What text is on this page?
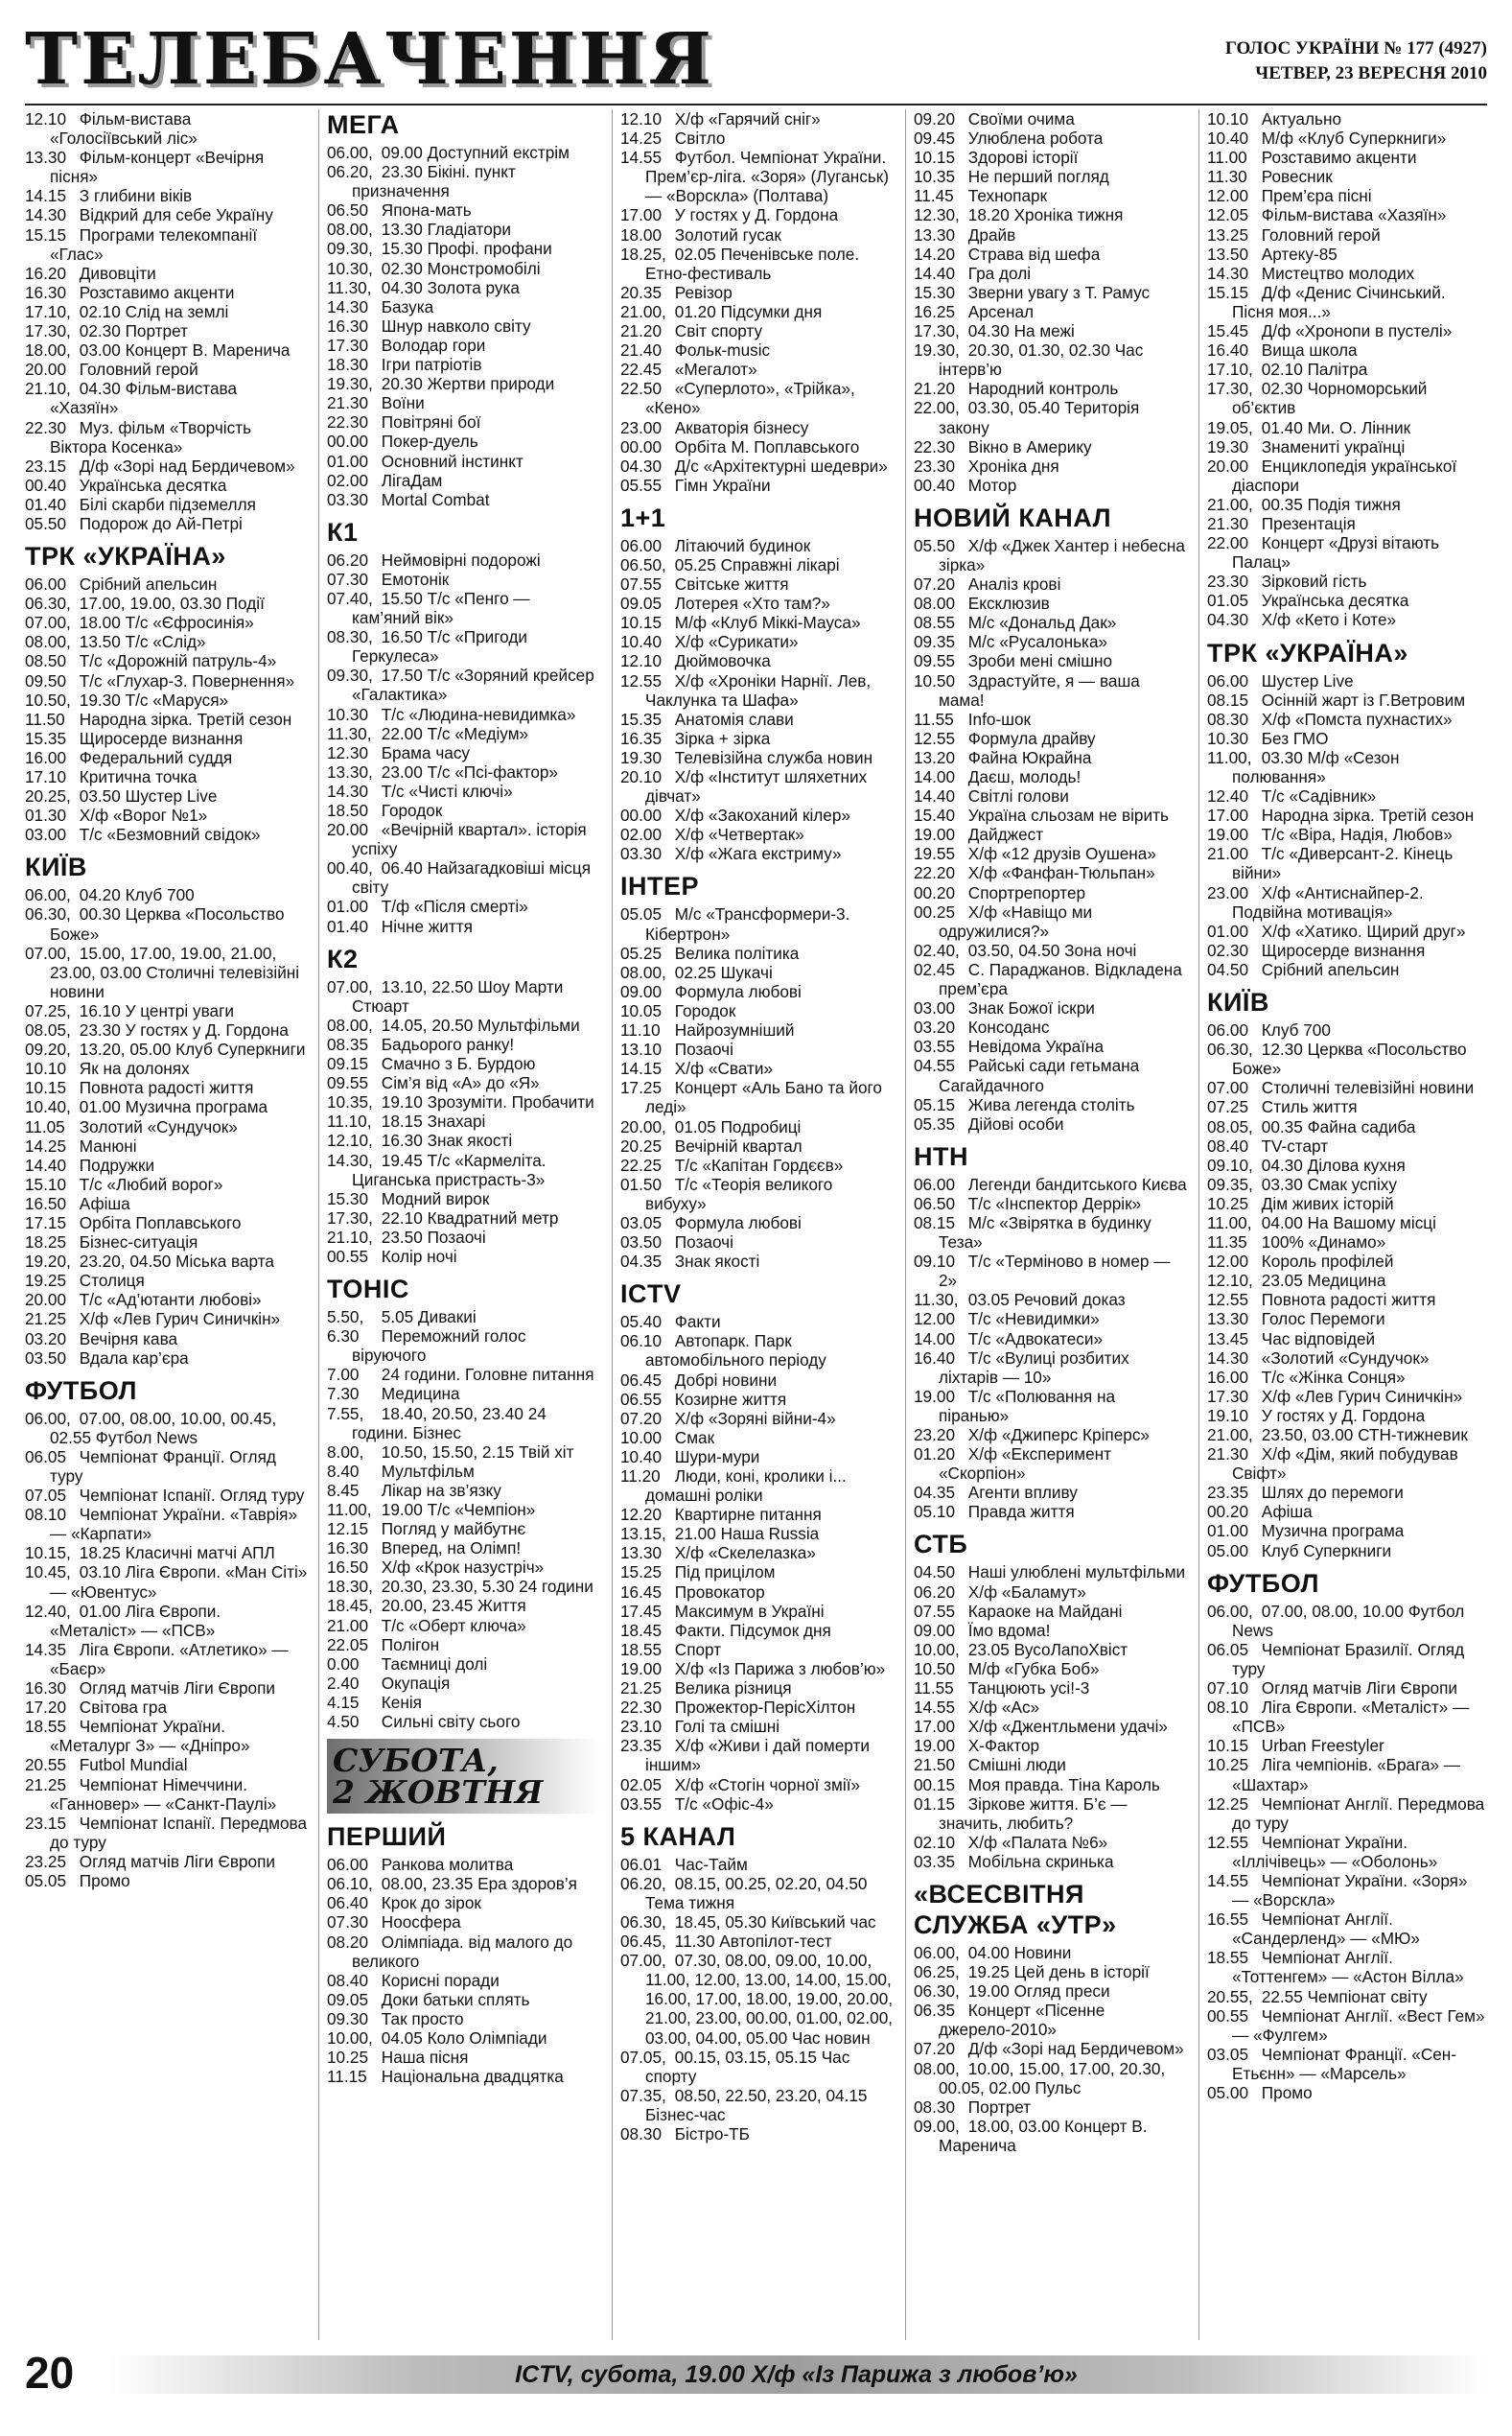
ТЕЛЕБАЧЕННЯ	ГОЛОС УКРАЇНИ № 177 (4927)
ЧЕТВЕР, 23 ВЕРЕСНЯ 2010
12.10 Фільм-вистава «Голосіївський ліс»
13.30 Фільм-концерт «Вечірня пісня»
14.15 З глибини віків
14.30 Відкрий для себе Україну
15.15 Програми телекомпанії «Глас»
16.20 Дивовціти
16.30 Розставимо акценти
17.10, 02.10 Слід на землі
17.30, 02.30 Портрет
18.00, 03.00 Концерт В. Маренича
20.00 Головний герой
21.10, 04.30 Фільм-вистава «Хазяїн»
22.30 Муз. фільм «Творчість Віктора Косенка»
23.15 Д/ф «Зорі над Бердичевом»
00.40 Українська десятка
01.40 Білі скарби підземелля
05.50 Подорож до Ай-Петрі
ТРК «УКРАЇНА»
06.00 Срібний апельсин
06.30, 17.00, 19.00, 03.30 Події
07.00, 18.00 Т/с «Єфросинія»
08.00, 13.50 Т/с «Слід»
08.50 Т/с «Дорожній патруль-4»
09.50 Т/с «Глухар-3. Повернення»
10.50, 19.30 Т/с «Маруся»
11.50 Народна зірка. Третій сезон
15.35 Щиросерде визнання
16.00 Федеральний суддя
17.10 Критична точка
20.25, 03.50 Шустер Live
01.30 Х/ф «Ворог №1»
03.00 Т/с «Безмовний свідок»
КИЇВ
06.00, 04.20 Клуб 700
06.30, 00.30 Церква «Посольство Боже»
07.00, 15.00, 17.00, 19.00, 21.00, 23.00, 03.00 Столичні телевізійні новини
07.25, 16.10 У центрі уваги
08.05, 23.30 У гостях у Д. Гордона
09.20, 13.20, 05.00 Клуб Суперкниги
10.10 Як на долонях
10.15 Повнота радості життя
10.40, 01.00 Музична програма
11.05 Золотий «Сундучок»
14.25 Манюні
14.40 Подружки
15.10 Т/с «Любий ворог»
16.50 Афіша
17.15 Орбіта Поплавського
18.25 Бізнес-ситуація
19.20, 23.20, 04.50 Міська варта
19.25 Столиця
20.00 Т/с «Ад’ютанти любові»
21.25 Х/ф «Лев Гурич Синичкін»
03.20 Вечірня кава
03.50 Вдала кар’єра
ФУТБОЛ
06.00, 07.00, 08.00, 10.00, 00.45, 02.55 Футбол News
06.05 Чемпіонат Франції. Огляд туру
07.05 Чемпіонат Іспанії. Огляд туру
08.10 Чемпіонат України. «Таврія» — «Карпати»
10.15, 18.25 Класичні матчі АПЛ
10.45, 03.10 Ліга Європи. «Ман Сіті» — «Ювентус»
12.40, 01.00 Ліга Європи. «Металіст» — «ПСВ»
14.35 Ліга Європи. «Атлетико» — «Баєр»
16.30 Огляд матчів Ліги Європи
17.20 Світова гра
18.55 Чемпіонат України. «Металург З» — «Дніпро»
20.55 Futbol Mundial
21.25 Чемпіонат Німеччини. «Ганновер» — «Санкт-Паулі»
23.15 Чемпіонат Іспанії. Передмова до туру
23.25 Огляд матчів Ліги Європи
05.05 Промо
МЕГА
06.00, 09.00 Доступний екстрім
06.20, 23.30 Бікіні. пункт призначення
06.50 Япона-мать
08.00, 13.30 Гладіатори
09.30, 15.30 Профі. профани
10.30, 02.30 Монстромобілі
11.30, 04.30 Золота рука
14.30 Базука
16.30 Шнур навколо світу
17.30 Володар гори
18.30 Ігри патріотів
19.30, 20.30 Жертви природи
21.30 Воїни
22.30 Повітряні бої
00.00 Покер-дуель
01.00 Основний інстинкт
02.00 ЛігаДам
03.30 Mortal Combat
К1
06.20 Неймовірні подорожі
07.30 Емотонік
07.40, 15.50 Т/с «Пенго — кам’яний вік»
08.30, 16.50 Т/с «Пригоди Геркулеса»
09.30, 17.50 Т/с «Зоряний крейсер «Галактика»
10.30 Т/с «Людина-невидимка»
11.30, 22.00 Т/с «Медіум»
12.30 Брама часу
13.30, 23.00 Т/с «Псі-фактор»
14.30 Т/с «Чисті ключі»
18.50 Городок
20.00 «Вечірній квартал». історія успіху
00.40, 06.40 Найзагадковіші місця світу
01.00 Т/ф «Після смерті»
01.40 Нічне життя
К2
07.00, 13.10, 22.50 Шоу Марти Стюарт
08.00, 14.05, 20.50 Мультфільми
08.35 Бадьорого ранку!
09.15 Смачно з Б. Бурдою
09.55 Сім’я від «А» до «Я»
10.35, 19.10 Зрозуміти. Пробачити
11.10, 18.15 Знахарі
12.10, 16.30 Знак якості
14.30, 19.45 Т/с «Кармеліта. Циганська пристрасть-3»
15.30 Модний вирок
17.30, 22.10 Квадратний метр
21.10, 23.50 Позаочі
00.55 Колір ночі
ТОНІС
5.50, 5.05 Дивакиі
6.30 Переможний голос віруючого
7.00 24 години. Головне питання
7.30 Медицина
7.55, 18.40, 20.50, 23.40 24 години. Бізнес
8.00, 10.50, 15.50, 2.15 Твій хіт
8.40 Мультфільм
8.45 Лікар на зв’язку
11.00, 19.00 Т/с «Чемпіон»
12.15 Погляд у майбутнє
16.30 Вперед, на Олімп!
16.50 Х/ф «Крок назустріч»
18.30, 20.30, 23.30, 5.30 24 години
18.45, 20.00, 23.45 Життя
21.00 Т/с «Оберт ключа»
22.05 Полігон
0.00 Таємниці долі
2.40 Окупація
4.15 Кенія
4.50 Сильні світу сього
СУБОТА,
2 ЖОВТНЯ
ПЕРШИЙ
06.00 Ранкова молитва
06.10, 08.00, 23.35 Ера здоров’я
06.40 Крок до зірок
07.30 Ноосфера
08.20 Олімпіада. від малого до великого
08.40 Корисні поради
09.05 Доки батьки сплять
09.30 Так просто
10.00, 04.05 Коло Олімпіади
10.25 Наша пісня
11.15 Національна двадцятка
12.10 Х/ф «Гарячий сніг»
14.25 Світло
14.55 Футбол. Чемпіонат України. Прем’єр-ліга. «Зоря» (Луганськ) — «Ворскла» (Полтава)
17.00 У гостях у Д. Гордона
18.00 Золотий гусак
18.25, 02.05 Печенівське поле. Етно-фестиваль
20.35 Ревізор
21.00, 01.20 Підсумки дня
21.20 Світ спорту
21.40 Фольк-music
22.45 «Мегалот»
22.50 «Суперлото», «Трійка», «Кено»
23.00 Акваторія бізнесу
00.00 Орбіта М. Поплавського
04.30 Д/с «Архітектурні шедеври»
05.55 Гімн України
1+1
06.00 Літаючий будинок
06.50, 05.25 Справжні лікарі
07.55 Світське життя
09.05 Лотерея «Хто там?»
10.15 М/ф «Клуб Міккі-Мауса»
10.40 Х/ф «Сурикати»
12.10 Дюймовочка
12.55 Х/ф «Хроніки Нарнії. Лев, Чаклунка та Шафа»
15.35 Анатомія слави
16.35 Зірка + зірка
19.30 Телевізійна служба новин
20.10 Х/ф «Інститут шляхетних дівчат»
00.00 Х/ф «Закоханий кілер»
02.00 Х/ф «Четвертак»
03.30 Х/ф «Жага екстриму»
ІНТЕР
05.05 М/с «Трансформери-3. Кібертрон»
05.25 Велика політика
08.00, 02.25 Шукачі
09.00 Формула любові
10.05 Городок
11.10 Найрозумніший
13.10 Позаочі
14.15 Х/ф «Свати»
17.25 Концерт «Аль Бано та його леді»
20.00, 01.05 Подробиці
20.25 Вечірній квартал
22.25 Т/с «Капітан Гордєєв»
01.50 Т/с «Теорія великого вибуху»
03.05 Формула любові
03.50 Позаочі
04.35 Знак якості
ICTV
05.40 Факти
06.10 Автопарк. Парк автомобільного періоду
06.45 Добрі новини
06.55 Козирне життя
07.20 Х/ф «Зоряні війни-4»
10.00 Смак
10.40 Шури-мури
11.20 Люди, коні, кролики і... домашні роліки
12.20 Квартирне питання
13.15, 21.00 Наша Russia
13.30 Х/ф «Скелелазка»
15.25 Під прицілом
16.45 Провокатор
17.45 Максимум в Україні
18.45 Факти. Підсумок дня
18.55 Спорт
19.00 Х/ф «Із Парижа з любов’ю»
21.25 Велика різниця
22.30 Прожектор-ПерісХілтон
23.10 Голі та смішні
23.35 Х/ф «Живи і дай померти іншим»
02.05 Х/ф «Стогін чорної змії»
03.55 Т/с «Офіс-4»
5 КАНАЛ
06.01 Час-Тайм
06.20, 08.15, 00.25, 02.20, 04.50 Тема тижня
06.30, 18.45, 05.30 Київський час
06.45, 11.30 Автопілот-тест
07.00, 07.30, 08.00, 09.00, 10.00, 11.00, 12.00, 13.00, 14.00, 15.00, 16.00, 17.00, 18.00, 19.00, 20.00, 21.00, 23.00, 00.00, 01.00, 02.00, 03.00, 04.00, 05.00 Час новин
07.05, 00.15, 03.15, 05.15 Час спорту
07.35, 08.50, 22.50, 23.20, 04.15 Бізнес-час
08.30 Бістро-ТБ
09.20 Своїми очима
09.45 Улюблена робота
10.15 Здорові історії
10.35 Не перший погляд
11.45 Технопарк
12.30, 18.20 Хроніка тижня
13.30 Драйв
14.20 Страва від шефа
14.40 Гра долі
15.30 Зверни увагу з Т. Рамус
16.25 Арсенал
17.30, 04.30 На межі
19.30, 20.30, 01.30, 02.30 Час інтерв’ю
21.20 Народний контроль
22.00, 03.30, 05.40 Територія закону
22.30 Вікно в Америку
23.30 Хроніка дня
00.40 Мотор
НОВИЙ КАНАЛ
05.50 Х/ф «Джек Хантер і небесна зірка»
07.20 Аналіз крові
08.00 Ексклюзив
08.55 М/с «Дональд Дак»
09.35 М/с «Русалонька»
09.55 Зроби мені смішно
10.50 Здрастуйте, я — ваша мама!
11.55 Info-шок
12.55 Формула драйву
13.20 Файна Юкрайна
14.00 Даєш, молодь!
14.40 Світлі голови
15.40 Україна сльозам не вірить
19.00 Дайджест
19.55 Х/ф «12 друзів Оушена»
22.20 Х/ф «Фанфан-Тюльпан»
00.20 Спортрепортер
00.25 Х/ф «Навіщо ми одружилися?»
02.40, 03.50, 04.50 Зона ночі
02.45 С. Параджанов. Відкладена прем’єра
03.00 Знак Божої іскри
03.20 Консоданс
03.55 Невідома Україна
04.55 Райські сади гетьмана Сагайдачного
05.15 Жива легенда століть
05.35 Дійові особи
НТН
06.00 Легенди бандитського Києва
06.50 Т/с «Інспектор Деррік»
08.15 М/с «Звірятка в будинку Теза»
09.10 Т/с «Терміново в номер — 2»
11.30, 03.05 Речовий доказ
12.00 Т/с «Невидимки»
14.00 Т/с «Адвокатеси»
16.40 Т/с «Вулиці розбитих ліхтарів — 10»
19.00 Т/с «Полювання на піранью»
23.20 Х/ф «Джиперс Кріперс»
01.20 Х/ф «Експеримент «Скорпіон»
04.35 Агенти впливу
05.10 Правда життя
СТБ
04.50 Наші улюблені мультфільми
06.20 Х/ф «Баламут»
07.55 Караоке на Майдані
09.00 Їмо вдома!
10.00, 23.05 ВусоЛапоХвіст
10.50 М/ф «Губка Боб»
11.55 Танцюють усі!-3
14.55 Х/ф «Ас»
17.00 Х/ф «Джентльмени удачі»
19.00 Х-Фактор
21.50 Смішні люди
00.15 Моя правда. Тіна Кароль
01.15 Зіркове життя. Б’є — значить, любить?
02.10 Х/ф «Палата №6»
03.35 Мобільна скринька
«ВСЕСВІТНЯ СЛУЖБА «УТР»
06.00, 04.00 Новини
06.25, 19.25 Цей день в історії
06.30, 19.00 Огляд преси
06.35 Концерт «Пісенне джерело-2010»
07.20 Д/ф «Зорі над Бердичевом»
08.00, 10.00, 15.00, 17.00, 20.30, 00.05, 02.00 Пульс
08.30 Портрет
09.00, 18.00, 03.00 Концерт В. Маренича
10.10 Актуально
10.40 М/ф «Клуб Суперкниги»
11.00 Розставимо акценти
11.30 Ровесник
12.00 Прем’єра пісні
12.05 Фільм-вистава «Хазяїн»
13.25 Головний герой
13.50 Артеку-85
14.30 Мистецтво молодих
15.15 Д/ф «Денис Січинський. Пісня моя...»
15.45 Д/ф «Хронопи в пустелі»
16.40 Вища школа
17.10, 02.10 Палітра
17.30, 02.30 Чорноморський об’єктив
19.05, 01.40 Ми. О. Лінник
19.30 Знамениті українці
20.00 Енциклопедія української діаспори
21.00, 00.35 Подія тижня
21.30 Презентація
22.00 Концерт «Друзі вітають Палац»
23.30 Зірковий гість
01.05 Українська десятка
04.30 Х/ф «Кето і Коте»
ТРК «УКРАЇНА»
06.00 Шустер Live
08.15 Осінній жарт із Г.Ветровим
08.30 Х/ф «Помста пухнастих»
10.30 Без ГМО
11.00, 03.30 М/ф «Сезон полювання»
12.40 Т/с «Садівник»
17.00 Народна зірка. Третій сезон
19.00 Т/с «Віра, Надія, Любов»
21.00 Т/с «Диверсант-2. Кінець війни»
23.00 Х/ф «Антиснайпер-2. Подвійна мотивація»
01.00 Х/ф «Хатико. Щирий друг»
02.30 Щиросерде визнання
04.50 Срібний апельсин
КИЇВ
06.00 Клуб 700
06.30, 12.30 Церква «Посольство Боже»
07.00 Столичні телевізійні новини
07.25 Стиль життя
08.05, 00.35 Файна садиба
08.40 TV-старт
09.10, 04.30 Ділова кухня
09.35, 03.30 Смак успіху
10.25 Дім живих історій
11.00, 04.00 На Вашому місці
11.35 100% «Динамо»
12.00 Король профілей
12.10, 23.05 Медицина
12.55 Повнота радості життя
13.30 Голос Перемоги
13.45 Час відповідей
14.30 «Золотий «Сундучок»
16.00 Т/с «Жінка Сонця»
17.30 Х/ф «Лев Гурич Синичкін»
19.10 У гостях у Д. Гордона
21.00, 23.50, 03.00 СТН-тижневик
21.30 Х/ф «Дім, який побудував Свіфт»
23.35 Шлях до перемоги
00.20 Афіша
01.00 Музична програма
05.00 Клуб Суперкниги
ФУТБОЛ
06.00, 07.00, 08.00, 10.00 Футбол News
06.05 Чемпіонат Бразилії. Огляд туру
07.10 Огляд матчів Ліги Європи
08.10 Ліга Європи. «Металіст» — «ПСВ»
10.15 Urban Freestyler
10.25 Ліга чемпіонів. «Брага» — «Шахтар»
12.25 Чемпіонат Англії. Передмова до туру
12.55 Чемпіонат України. «Іллічівець» — «Оболонь»
14.55 Чемпіонат України. «Зоря» — «Ворскла»
16.55 Чемпіонат Англії. «Сандерленд» — «МЮ»
18.55 Чемпіонат Англії. «Тоттенгем» — «Астон Вілла»
20.55, 22.55 Чемпіонат світу
00.55 Чемпіонат Англії. «Вест Гем» — «Фулгем»
03.05 Чемпіонат Франції. «Сен-Етьєнн» — «Марсель»
05.00 Промо
20	ICTV, субота, 19.00 Х/ф «Із Парижа з любов’ю»
